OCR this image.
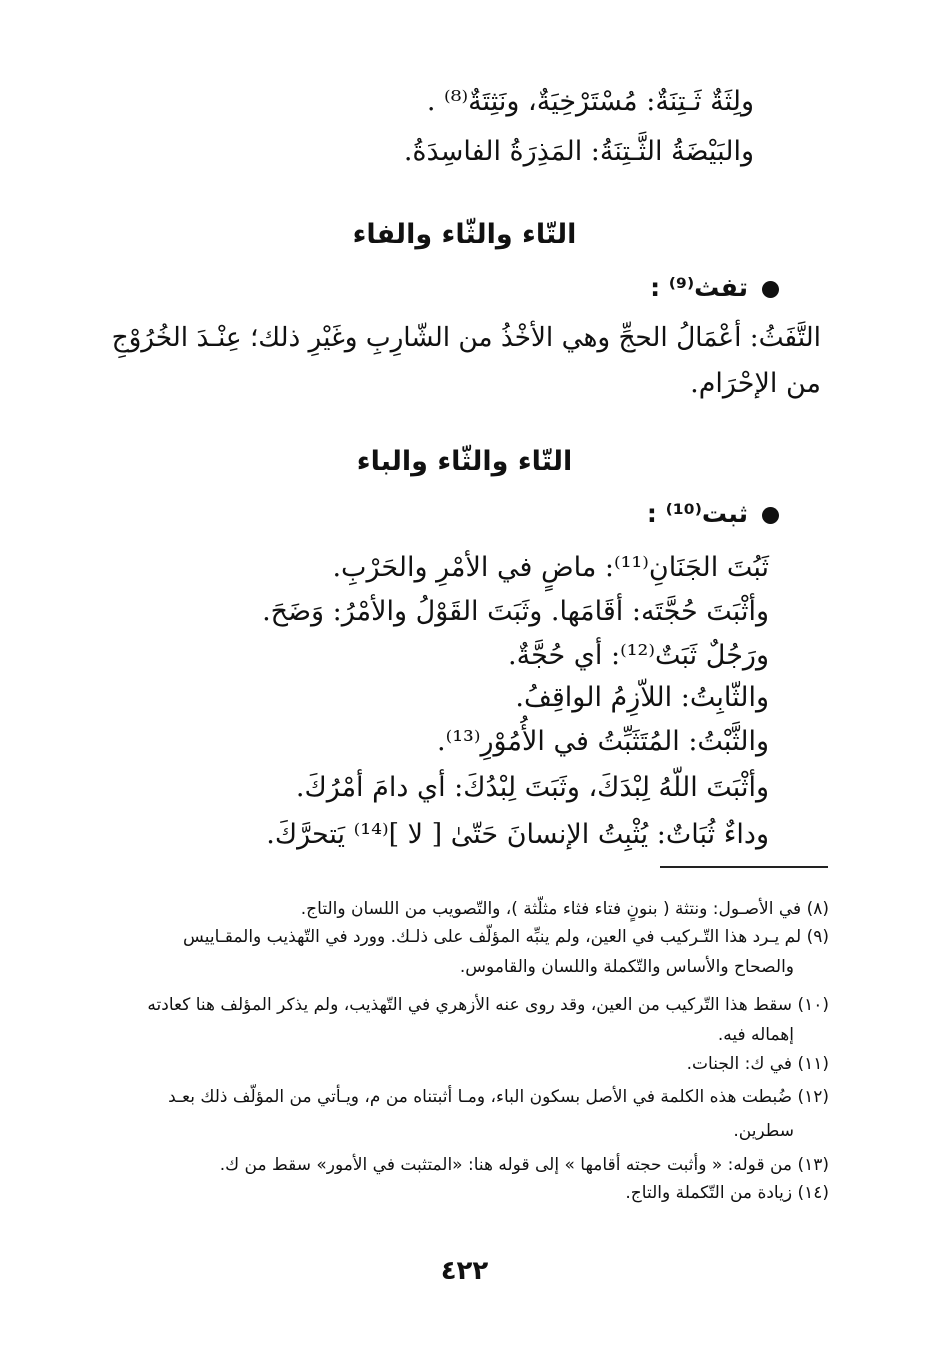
ولِثَةٌ ثَـتِنَةٌ: مُسْتَرْخِيَةٌ، ونَثِتَةٌ⁽⁸⁾ .
والبَيْضَةُ الثَّـتِنَةُ: المَذِرَةُ الفاسِدَةُ.
التّاء والثّاء والفاء
تفث⁽⁹⁾ :
التَّفَثُ: أعْمَالُ الحجِّ وهي الأخْذُ من الشّارِبِ وغَيْرِ ذلك؛ عِنْـدَ الخُرُوْجِ
من الإحْرَام.
التّاء والثّاء والباء
ثبت⁽¹⁰⁾ :
ثَبُتَ الجَنَانِ⁽¹¹⁾: ماضٍ في الأمْرِ والحَرْبِ.
وأثْبَتَ حُجَّتَه: أقَامَها. وثَبَتَ القَوْلُ والأمْرُ: وَضَحَ.
ورَجُلٌ ثَبَتٌ⁽¹²⁾: أي حُجَّةٌ.
والثّابِتُ: اللاّزِمُ الواقِفُ.
والثَّبْتُ: المُتَثَبِّتُ في الأُمُوْرِ⁽¹³⁾.
وأثْبَتَ اللّهُ لِبْدَكَ، وثَبَتَ لِبْدُكَ: أي دامَ أمْرُكَ.
وداءٌ ثُبَاتٌ: يُثْبِتُ الإنسانَ حَتّىٰ [ لا ]⁽¹⁴⁾ يَتحرَّكَ.
(٨) في الأصـول: ونتثة ( بنونٍ فتاء فثاء مثلّثة )، والتّصويب من اللسان والتاج.
(٩) لم يـرد هذا التّـركيب في العين، ولم ينبِّه المؤلّف على ذلـك. وورد في التّهذيب والمقـاييس
والصحاح والأساس والتّكملة واللسان والقاموس.
(١٠) سقط هذا التّركيب من العين، وقد روى عنه الأزهري في التّهذيب، ولم يذكر المؤلف هنا كعادته
إهماله فيه.
(١١) في ك: الجنات.
(١٢) ضُبطت هذه الكلمة في الأصل بسكون الباء، ومـا أثبتناه من م، ويـأتي من المؤلّف ذلك بعـد
سطرين.
(١٣) من قوله: « وأثبت حجته أقامها » إلى قوله هنا: «المتثبت في الأمور» سقط من ك.
(١٤) زيادة من التّكملة والتاج.
٤٢٢
